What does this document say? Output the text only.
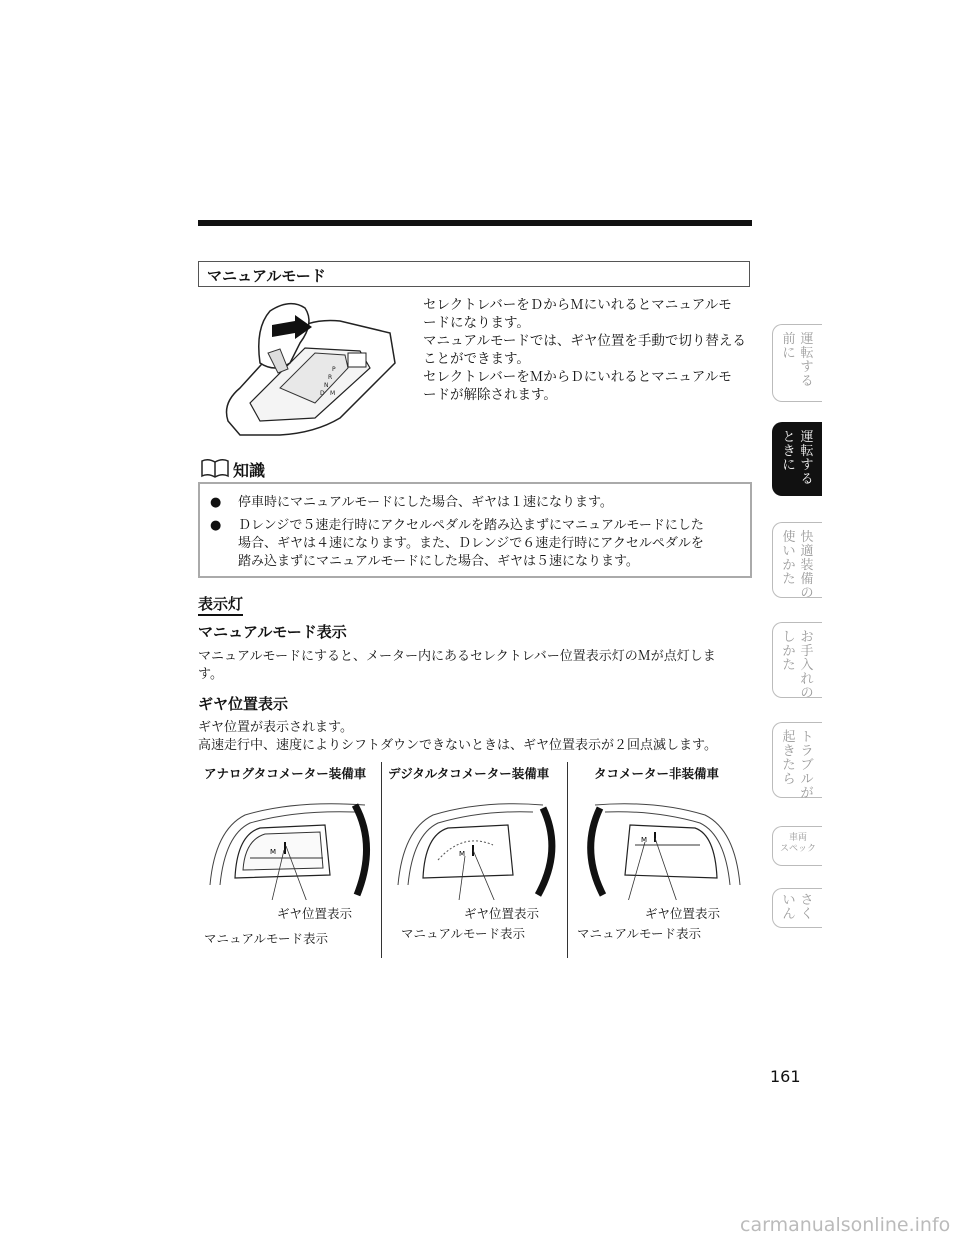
マニュアルモード
P
R
N
D M
セレクトレバーをＤからＭにいれるとマニュアルモ
ードになります。
マニュアルモードでは、ギヤ位置を手動で切り替える
ことができます。
セレクトレバーをＭからＤにいれるとマニュアルモ
ードが解除されます。
知識
● 停車時にマニュアルモードにした場合、ギヤは１速になります。
● Ｄレンジで５速走行時にアクセルペダルを踏み込まずにマニュアルモードにした
場合、ギヤは４速になります。また、Ｄレンジで６速走行時にアクセルペダルを
踏み込まずにマニュアルモードにした場合、ギヤは５速になります。
表示灯
マニュアルモード表示
マニュアルモードにすると、メーター内にあるセレクトレバー位置表示灯のＭが点灯しま
す。
ギヤ位置表示
ギヤ位置が表示されます。
高速走行中、速度によりシフトダウンできないときは、ギヤ位置表示が２回点滅します。
アナログタコメーター装備車 デジタルタコメーター装備車	タコメーター非装備車
M
ギヤ位置表示
マニュアルモード表示
M
ギヤ位置表示
マニュアルモード表示
M
ギヤ位置表示
マニュアルモード表示
運
転
す
る
前
に
運
転
す
る
と
き
に
快
適
装
備
の
使
い
か
た
お
手
入
れ
の
し
か
た
ト
ラ
ブ
ル
が
起
き
た
ら
車両
スペック
さ
く
い
ん
161
carmanualsonline.info
